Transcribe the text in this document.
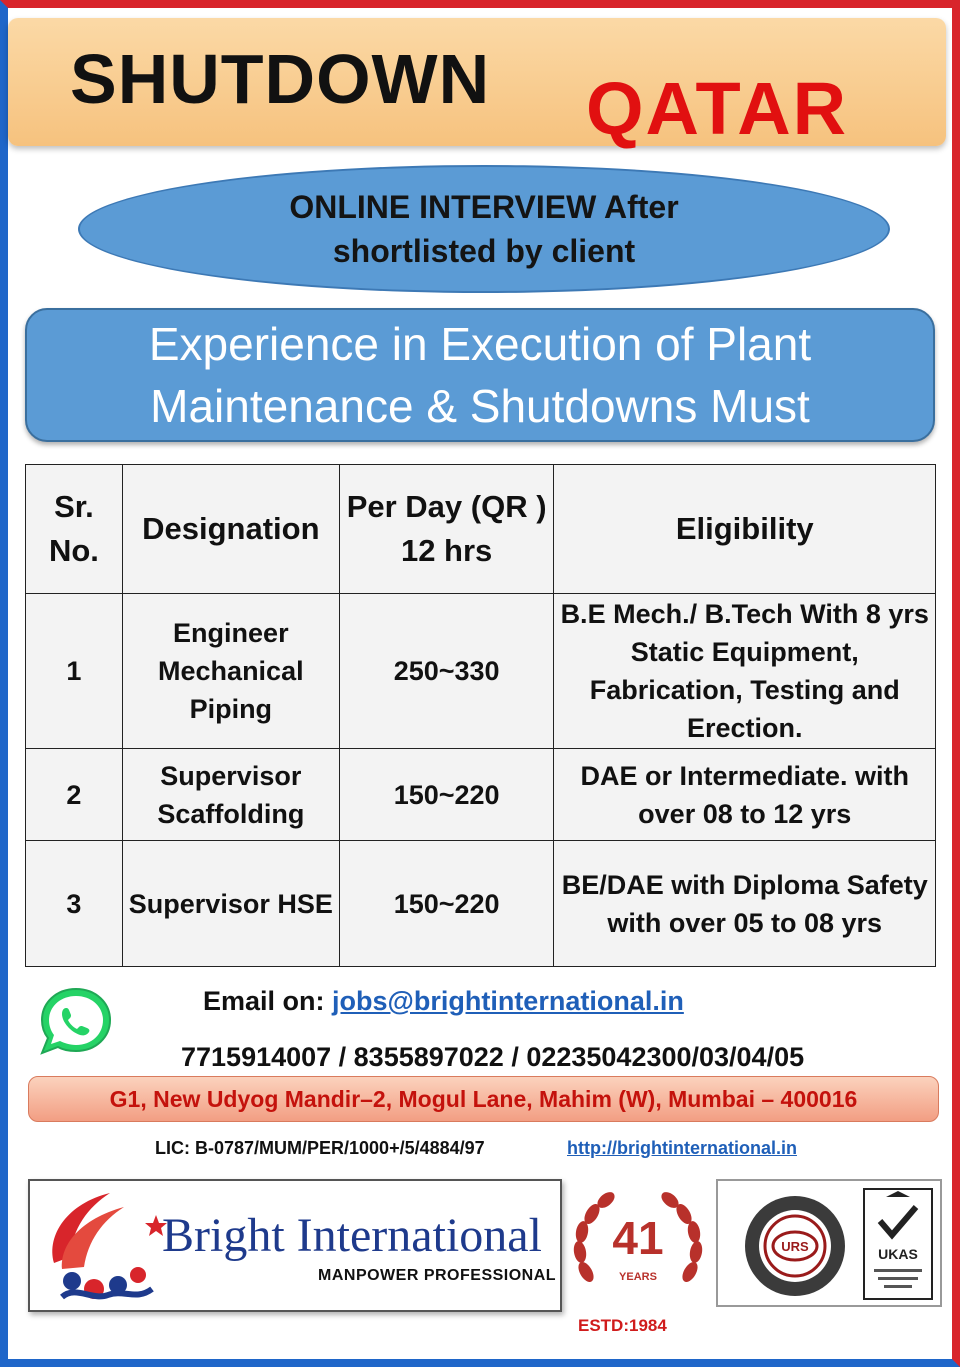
SHUTDOWN QATAR
ONLINE INTERVIEW After
shortlisted by client
Experience in Execution of Plant
Maintenance & Shutdowns Must
Sr. No.	Designation	Per Day (QR ) 12 hrs	Eligibility
1	Engineer Mechanical Piping	250~330	B.E Mech./ B.Tech With 8 yrs Static Equipment, Fabrication, Testing and Erection.
2	Supervisor Scaffolding	150~220	DAE or Intermediate. with over 08 to 12 yrs
3	Supervisor HSE	150~220	BE/DAE with Diploma Safety with over 05 to 08 yrs
Email on: jobs@brightinternational.in
7715914007 / 8355897022 / 02235042300/03/04/05
G1, New Udyog Mandir–2, Mogul Lane, Mahim (W), Mumbai – 400016
LIC: B-0787/MUM/PER/1000+/5/4884/97	http://brightinternational.in
Bright International
MANPOWER PROFESSIONAL
41
YEARS
ESTD:1984
URS	UKAS
